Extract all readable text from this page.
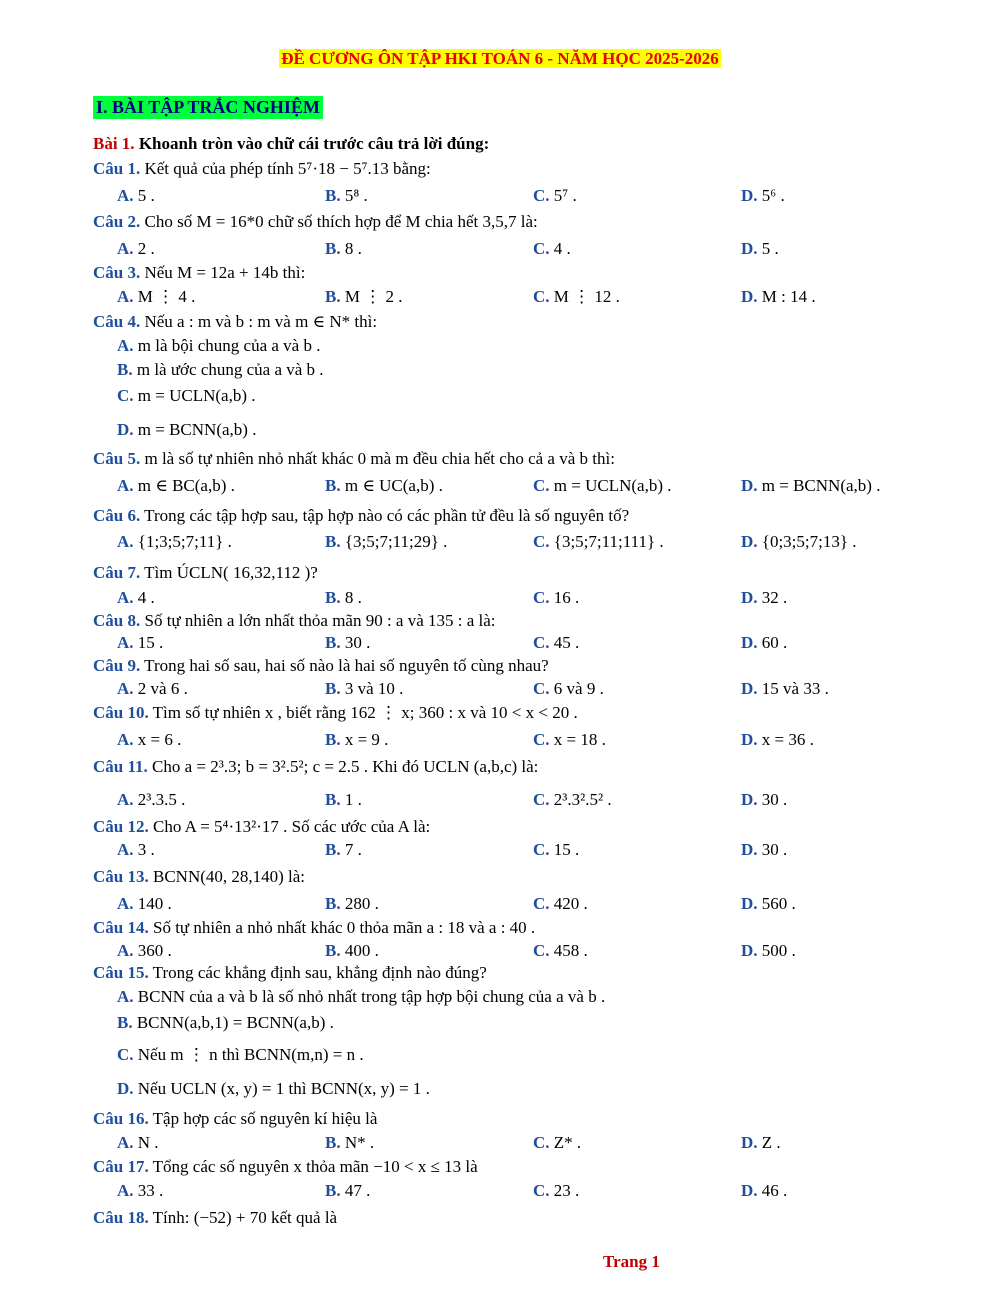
ĐỀ CƯƠNG ÔN TẬP HKI TOÁN 6 - NĂM HỌC 2025-2026
I. BÀI TẬP TRẮC NGHIỆM
Bài 1. Khoanh tròn vào chữ cái trước câu trả lời đúng:
Câu 1. Kết quả của phép tính 5⁷·18 − 5⁷.13 bằng:
A. 5 .	B. 5⁸ .	C. 5⁷ .	D. 5⁶ .
Câu 2. Cho số M = 16*0 chữ số thích hợp để M chia hết 3,5,7 là:
A. 2 .	B. 8 .	C. 4 .	D. 5 .
Câu 3. Nếu M = 12a + 14b thì:
A. M ⋮ 4 .	B. M ⋮ 2 .	C. M ⋮ 12 .	D. M : 14 .
Câu 4. Nếu a : m và b : m và m ∈ N* thì:
A. m là bội chung của a và b .
B. m là ước chung của a và b .
C. m = UCLN(a,b) .
D. m = BCNN(a,b) .
Câu 5. m là số tự nhiên nhỏ nhất khác 0 mà m đều chia hết cho cả a và b thì:
A. m ∈ BC(a,b) .	B. m ∈ UC(a,b) .	C. m = UCLN(a,b) .	D. m = BCNN(a,b) .
Câu 6. Trong các tập hợp sau, tập hợp nào có các phần tử đều là số nguyên tố?
A. {1;3;5;7;11} .	B. {3;5;7;11;29} .	C. {3;5;7;11;111} .	D. {0;3;5;7;13} .
Câu 7. Tìm ÚCLN( 16,32,112 )?
A. 4 .	B. 8 .	C. 16 .	D. 32 .
Câu 8. Số tự nhiên a lớn nhất thỏa mãn 90 : a và 135 : a là:
A. 15 .	B. 30 .	C. 45 .	D. 60 .
Câu 9. Trong hai số sau, hai số nào là hai số nguyên tố cùng nhau?
A. 2 và 6 .	B. 3 và 10 .	C. 6 và 9 .	D. 15 và 33 .
Câu 10. Tìm số tự nhiên x , biết rằng 162 ⋮ x; 360 : x và 10 < x < 20 .
A. x = 6 .	B. x = 9 .	C. x = 18 .	D. x = 36 .
Câu 11. Cho a = 2³.3; b = 3².5²; c = 2.5 . Khi đó UCLN (a,b,c) là:
A. 2³.3.5 .	B. 1 .	C. 2³.3².5² .	D. 30 .
Câu 12. Cho A = 5⁴·13²·17 . Số các ước của A là:
A. 3 .	B. 7 .	C. 15 .	D. 30 .
Câu 13. BCNN(40, 28,140) là:
A. 140 .	B. 280 .	C. 420 .	D. 560 .
Câu 14. Số tự nhiên a nhỏ nhất khác 0 thỏa mãn a : 18 và a : 40 .
A. 360 .	B. 400 .	C. 458 .	D. 500 .
Câu 15. Trong các khẳng định sau, khẳng định nào đúng?
A. BCNN của a và b là số nhỏ nhất trong tập hợp bội chung của a và b .
B. BCNN(a,b,1) = BCNN(a,b) .
C. Nếu m ⋮ n thì BCNN(m,n) = n .
D. Nếu UCLN (x, y) = 1 thì BCNN(x, y) = 1 .
Câu 16. Tập hợp các số nguyên kí hiệu là
A. N .	B. N* .	C. Z* .	D. Z .
Câu 17. Tổng các số nguyên x thỏa mãn −10 < x ≤ 13 là
A. 33 .	B. 47 .	C. 23 .	D. 46 .
Câu 18. Tính: (−52) + 70 kết quả là
Trang 1
